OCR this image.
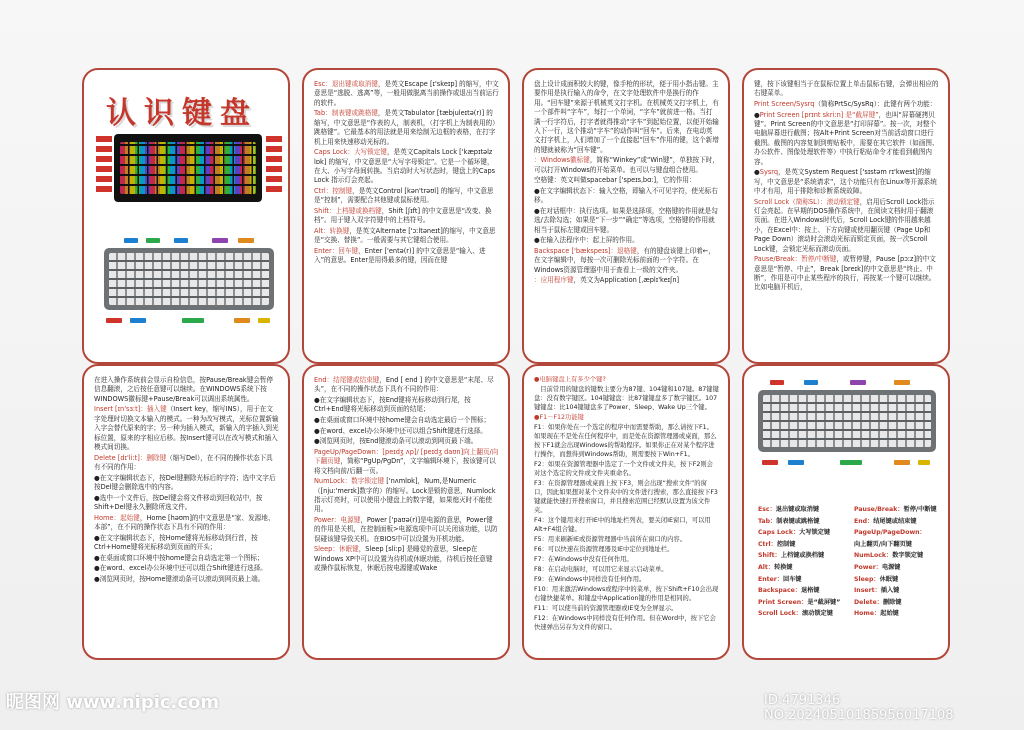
认识键盘

Esc：退出键或取消键，是英文Escape [ɪ'skeɪp] 的缩写，中文意思是“逃脱、逃离”等，一般用做脱离当前操作或退出当前运行的软件。

Tab：制表键或跳格键，是英文Tabulator [tæbjuleɪtə(r)] 的缩写，中文意思是“作表的人，制表机，（打字机上为制表用的）跳格键”。它最基本的用法就是用来绘制无边框的表格，在打字机上用来快速移动光标的。

Caps Lock：大写锁定键，是英文Capitals Lock ['kæpɪtəlz lɒk] 的缩写，中文意思是“大写字母锁定”。它是一个循环键，在大、小写字母间转换。当启动时大写状态时，键盘上的Caps Lock 指示灯会亮起。

Ctrl：控制键，是英文Control [kən'trəʊl] 的缩写，中文意思是“控制”，需要配合其他键或鼠标使用。

Shift：上档键或换档键，Shift [ʃɪft] 的中文意思是“改变、换档”。用于键入双字符键中的上档符号。

Alt：转换键，是英文Alternate ['ɔːltəneɪt]的缩写，中文意思是“交换、替换”。一般需要与其它键组合使用。

Enter：回车键，Enter ['entə(r)] 的中文意思是“输入、进入”的意思。Enter是用得最多的键，因而在键

盘上设计成面积较大的键，像手枪的形状，便于用小指击键。主要作用是执行输入的命令，在文字处理软件中是换行的作用。“回车键”来源于机械英文打字机。在机械英文打字机上，有一个部件叫“字车”，每打一个单词，“字车”就前进一格。当打满一行字符后，打字者就得推动“字车”到起始位置，以便开始输入下一行，这个推动“字车”的动作叫“回车”。后来，在电动英文打字机上，人们增加了一个直接起“回车”作用的键，这个新增的键就被称为“回车键”。

：Windows徽标键，简称“Winkey”或“Win键”，单独按下时，可以打开Windows的开始菜单。也可以与键盘组合使用。

空格键：英文叫做spacebar ['speɪsˌbɑː]，它的作用：

●在文字编辑状态下：输入空格，即输入不可见字符，使光标右移。

●在对话框中：执行选项。如果是选择项，空格键的作用就是勾选/去除勾选；如果是“下一步”“确定”等选项，空格键的作用就相当于鼠标左键或回车键。

●在输入法程序中：起上屏的作用。

Backspace ['bækspeɪs]：退格键，有的键盘该键上印着←，在文字编辑中，每按一次可删除光标前面的一个字符。在Windows资源管理器中用于查看上一级的文件夹。

：应用程序键，英文为Application [ˌæplɪ'keɪʃn]

键，按下该键相当于在鼠标位置上单击鼠标右键，会弹出相应的右键菜单。

Print Screen/Sysrq（简称PrtSc/SysRq）：此键有两个功能：

●Print Screen [prɪnt skriːn] 是“截屏键”，也叫“屏幕硬拷贝键”。Print Screen的中文意思是“打印屏幕”。按一次，对整个电脑屏幕进行截图；按Alt+Print Screen对当前活动窗口进行截图。截图的内容复制到剪贴板中，需要在其它软件（如画图、办公软件、图像处理软件等）中执行粘贴命令才能看到截图内容。

●Sysrq，是英文System Request ['sɪstəm rɪ'kwest]的缩写，中文意思是“系统请求”，这个功能只有在Linux等开源系统中才有用，用于排除和诊断系统故障。

Scroll Lock（简称SL）：滚动锁定键，启用后Scroll Lock指示灯会亮起。在早期的DOS操作系统中，在阅读文档时用于翻滚页面。在进入Windows时代后，Scroll Lock键的作用越来越小，在Excel中：按上、下方向键或使用翻页键（Page Up和Page Down）滚动时会滚动光标而锁定页面，按一次Scroll Lock键，会锁定光标而滚动页面。

Pause/Break：暂停/中断键，或暂停键，Pause [pɔːz]的中文意思是“暂停、中止”，Break [breɪk]的中文意思是“终止、中断”，作用是可中止某些程序的执行，再按某一个键可以继续。比如电脑开机后，

在进入操作系统前会显示自检信息，按Pause/Break键会暂停信息翻滚，之后按任意键可以继续。在WINDOWS系统下按WINDOWS徽标键+Pause/Break可以调出系统属性。

Insert [ɪn'sɜːt]：插入键（Insert key，缩写INS），用于在文字处理时切换文本输入的模式。一种为改写模式，光标位置新输入字会替代原来的字；另一种为插入模式，新输入的字插入到光标位置，原来的字相应后移。按Insert键可以在改写模式和插入模式间切换。

Delete [dɪ'liːt]：删除键（缩写Del），在不同的操作状态下具有不同的作用：

●在文字编辑状态下，按Del键删除光标后的字符；选中文字后按Del键会删除选中的内容。

●选中一个文件后，按Del键会将文件移动到回收站中，按Shift+Del键永久删除所选文件。

Home：起始键，Home [həʊm]的中文意思是“家、发源地、本部”，在不同的操作状态下具有不同的作用：

●在文字编辑状态下，按Home键将光标移动到行首，按Ctrl+Home键将光标移动到页面的开头；

●在桌面或窗口环境中按home键会自动选定第一个图标；

●在word、excel办公环境中还可以组合Shift键进行选择。

●浏览网页时，按Home键滚动条可以滚动到网页最上端。

End：结尾键或结束键，End [ end ] 的中文意思是“末尾、尽头”，在不同的操作状态下具有不同的作用：

●在文字编辑状态下，按End键将光标移动到行尾，按Ctrl+End键将光标移动到页面的结尾；

●在桌面或窗口环境中按home键会自动选定最后一个图标；

●在word、excel办公环境中还可以组合Shift键进行选择。

●浏览网页时，按End键滚动条可以滚动到网页最下端。

PageUp/PageDown：[peɪdʒ ʌp]/ [peɪdʒ daʊn]向上翻页/向下翻页键，简称“PgUp/PgDn”，文字编辑环境下，按该键可以将文档向前/后翻一页。

NumLock：数字锁定键 ['nʌmlɒk]，Num,是Numeric（[njuː'merɪk]数字的）的缩写。Lock是锁的意思，Numlock指示灯亮时，可以使用小键盘上的数字键，如果熄灭时不能使用。

Power：电源键，Power ['paʊə(r)]是电源的意思，Power键的作用是关机，在控制面板>电源选项中可以关闭该功能，以防误碰该键导致关机。在BIOS中可以设置为开机功能。

Sleep：休眠键，Sleep [sliːp] 是睡觉的意思，Sleep在Windows XP中可以设置为待机或休眠功能，待机后按任意键或操作鼠标恢复，休眠后按电源键或Wake

●电脑键盘上有多少个键?

　目前常用的键盘的键数主要分为87键、104键和107键。87键键盘：没有数字键区。104键键盘：比87键键盘多了数字键区。107键键盘：比104键键盘多了Power、Sleep、Wake Up三个键。

●F1－F12功能键

F1：如果你处在一个选定的程序中而需要帮助，那么请按下F1。如果现在不是处在任何程序中，而是处在资源管理器或桌面，那么按下F1就会出现Windows的帮助程序。如果你正在对某个程序进行操作，而想得到Windows帮助，则需要按下Win+F1。

F2：如果在资源管理器中选定了一个文件或文件夹，按下F2则会对这个选定的文件或文件夹重命名。

F3：在资源管理器或桌面上按下F3，则会出现“搜索文件”的窗口，因此如果想对某个文件夹中的文件进行搜索，那么直接按下F3键就能快速打开搜索窗口，并且搜索范围已经默认设置为该文件夹。

F4：这个键用来打开IE中的地址栏列表，要关闭IE窗口，可以用Alt+F4组合键。

F5：用来刷新IE或资源管理器中当前所在窗口的内容。

F6：可以快速在资源管理器及IE中定位到地址栏。

F7：在Windows中没有任何作用。

F8：在启动电脑时，可以用它来显示启动菜单。

F9：在Windows中同样没有任何作用。

F10：用来激活Windows或程序中的菜单，按下Shift+F10会出现右键快捷菜单。和键盘中Application键的作用是相同的。

F11：可以使当前的资源管理器或IE变为全屏显示。

F12：在Windows中同样没有任何作用。但在Word中，按下它会快速弹出另存为文件的窗口。

Esc：退出键或取消键
Tab：制表键或跳格键
Caps Lock：大写锁定键
Ctrl：控制键
Shift：上档键或换档键
Alt：转换键
Enter：回车键
Backspace：退格键
Print Screen：是“截屏键”
Scroll Lock：滚动锁定键
Pause/Break：暂停/中断键
End：结尾键或结束键
PageUp/PageDown：
向上翻页/向下翻页键
NumLock：数字锁定键
Power：电源键
Sleep：休眠键
Insert：插入键
Delete：删除键
Home：起始键
昵图网 www.nipic.com	ID:4791346 NO:20240510185956017108
